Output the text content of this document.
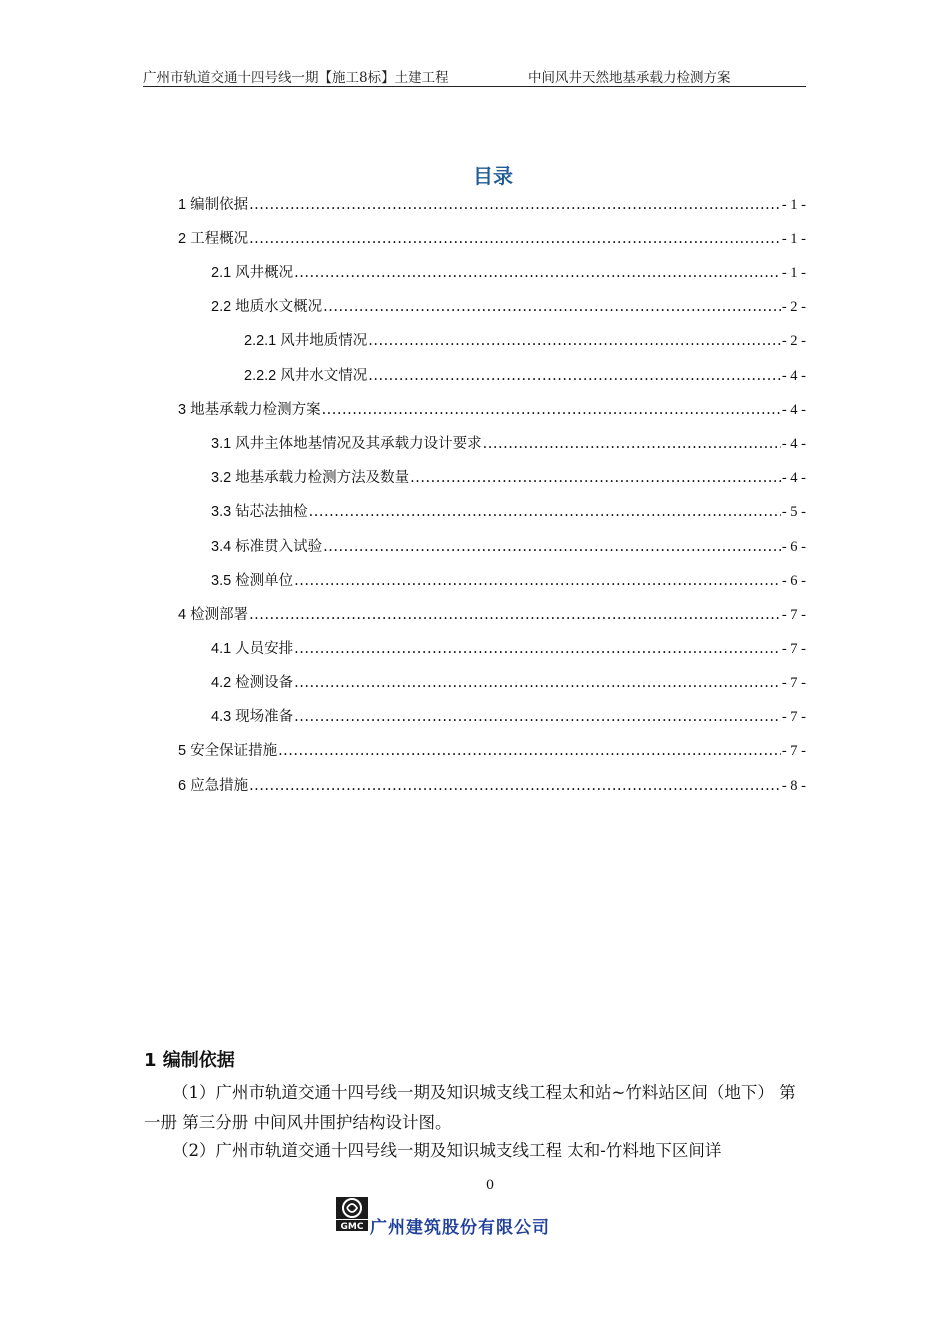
广州市轨道交通十四号线一期【施工8标】土建工程	中间风井天然地基承载力检测方案
目录
1 编制依据 .....	- 1 -
2 工程概况 .....	- 1 -
2.1 风井概况 .....	- 1 -
2.2 地质水文概况 .....	- 2 -
2.2.1 风井地质情况 .....	- 2 -
2.2.2 风井水文情况 .....	- 4 -
3 地基承载力检测方案 .....	- 4 -
3.1 风井主体地基情况及其承载力设计要求 .....	- 4 -
3.2 地基承载力检测方法及数量 .....	- 4 -
3.3 钻芯法抽检 .....	- 5 -
3.4 标准贯入试验 .....	- 6 -
3.5 检测单位 .....	- 6 -
4 检测部署 .....	- 7 -
4.1 人员安排 .....	- 7 -
4.2 检测设备 .....	- 7 -
4.3 现场准备 .....	- 7 -
5 安全保证措施 .....	- 7 -
6 应急措施 .....	- 8 -
1 编制依据
（1）广州市轨道交通十四号线一期及知识城支线工程太和站~竹料站区间（地下） 第一册 第三分册 中间风井围护结构设计图。
（2）广州市轨道交通十四号线一期及知识城支线工程 太和-竹料地下区间详
0
GMC 广州建筑股份有限公司
